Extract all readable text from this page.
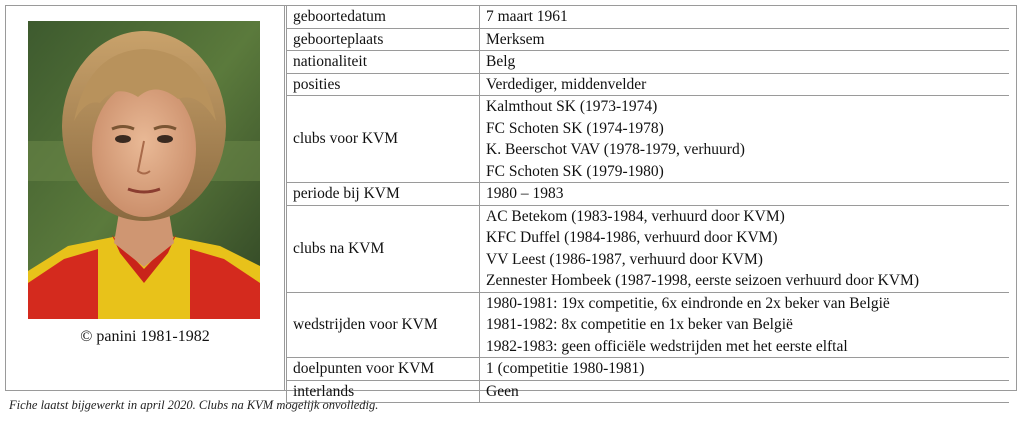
© panini 1981-1982
geboortedatum	7 maart 1961

geboorteplaats	Merksem

nationaliteit	Belg

posities	Verdediger, middenvelder

clubs voor KVM	Kalmthout SK (1973-1974)
FC Schoten SK (1974-1978)
K. Beerschot VAV (1978-1979, verhuurd)
FC Schoten SK (1979-1980)

periode bij KVM	1980 – 1983

clubs na KVM	AC Betekom (1983-1984, verhuurd door KVM)
KFC Duffel (1984-1986, verhuurd door KVM)
VV Leest (1986-1987, verhuurd door KVM)
Zennester Hombeek (1987-1998, eerste seizoen verhuurd door KVM)

wedstrijden voor KVM	1980-1981: 19x competitie, 6x eindronde en 2x beker van België
1981-1982: 8x competitie en 1x beker van België
1982-1983: geen officiële wedstrijden met het eerste elftal

doelpunten voor KVM	1 (competitie 1980-1981)

interlands	Geen
Fiche laatst bijgewerkt in april 2020. Clubs na KVM mogelijk onvolledig.
